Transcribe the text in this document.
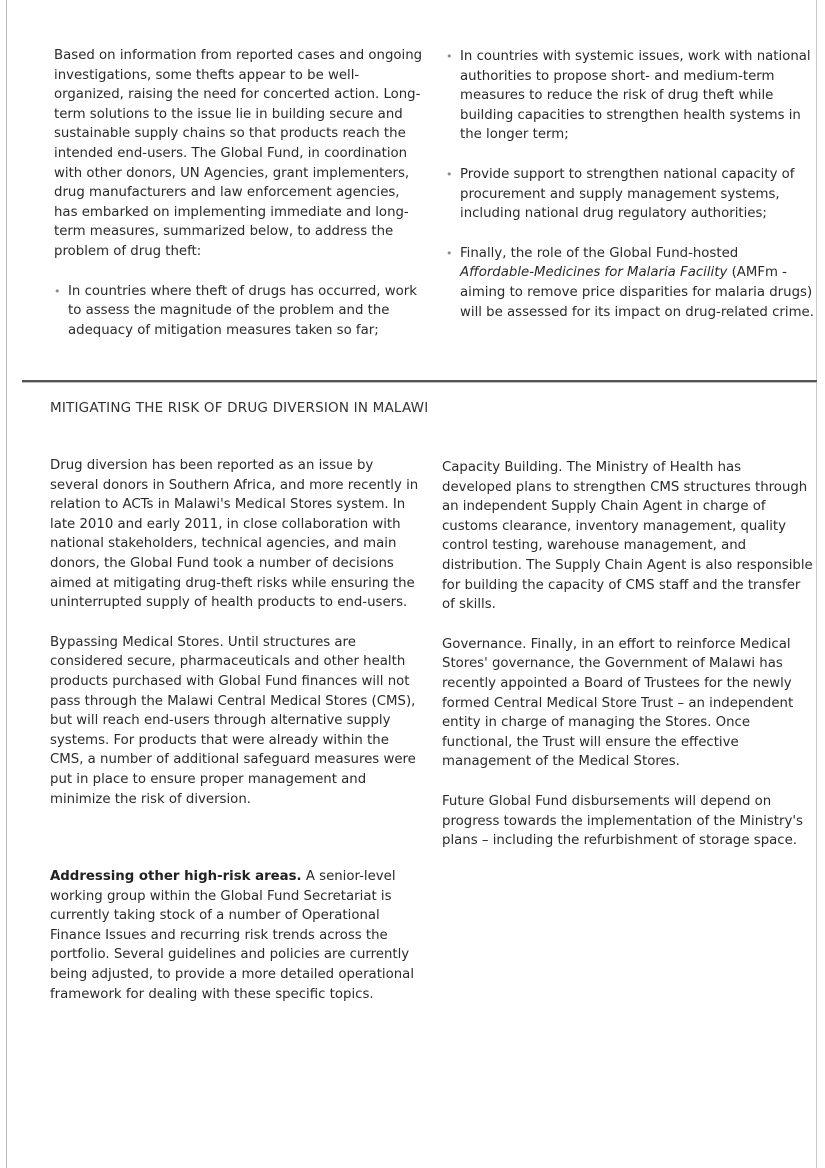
Based on information from reported cases and ongoing investigations, some thefts appear to be well-organized, raising the need for concerted action. Long-term solutions to the issue lie in building secure and sustainable supply chains so that products reach the intended end-users. The Global Fund, in coordination with other donors, UN Agencies, grant implementers, drug manufacturers and law enforcement agencies, has embarked on implementing immediate and long-term measures, summarized below, to address the problem of drug theft:

• In countries where theft of drugs has occurred, work to assess the magnitude of the problem and the adequacy of mitigation measures taken so far;

• In countries with systemic issues, work with national authorities to propose short- and medium-term measures to reduce the risk of drug theft while building capacities to strengthen health systems in the longer term;

• Provide support to strengthen national capacity of procurement and supply management systems, including national drug regulatory authorities;

• Finally, the role of the Global Fund-hosted Affordable-Medicines for Malaria Facility (AMFm - aiming to remove price disparities for malaria drugs) will be assessed for its impact on drug-related crime.

MITIGATING THE RISK OF DRUG DIVERSION IN MALAWI

Drug diversion has been reported as an issue by several donors in Southern Africa, and more recently in relation to ACTs in Malawi's Medical Stores system. In late 2010 and early 2011, in close collaboration with national stakeholders, technical agencies, and main donors, the Global Fund took a number of decisions aimed at mitigating drug-theft risks while ensuring the uninterrupted supply of health products to end-users.

Bypassing Medical Stores. Until structures are considered secure, pharmaceuticals and other health products purchased with Global Fund finances will not pass through the Malawi Central Medical Stores (CMS), but will reach end-users through alternative supply systems. For products that were already within the CMS, a number of additional safeguard measures were put in place to ensure proper management and minimize the risk of diversion.

Capacity Building. The Ministry of Health has developed plans to strengthen CMS structures through an independent Supply Chain Agent in charge of customs clearance, inventory management, quality control testing, warehouse management, and distribution. The Supply Chain Agent is also responsible for building the capacity of CMS staff and the transfer of skills.

Governance. Finally, in an effort to reinforce Medical Stores' governance, the Government of Malawi has recently appointed a Board of Trustees for the newly formed Central Medical Store Trust – an independent entity in charge of managing the Stores. Once functional, the Trust will ensure the effective management of the Medical Stores.

Future Global Fund disbursements will depend on progress towards the implementation of the Ministry's plans – including the refurbishment of storage space.

Addressing other high-risk areas. A senior-level working group within the Global Fund Secretariat is currently taking stock of a number of Operational Finance Issues and recurring risk trends across the portfolio. Several guidelines and policies are currently being adjusted, to provide a more detailed operational framework for dealing with these specific topics.
